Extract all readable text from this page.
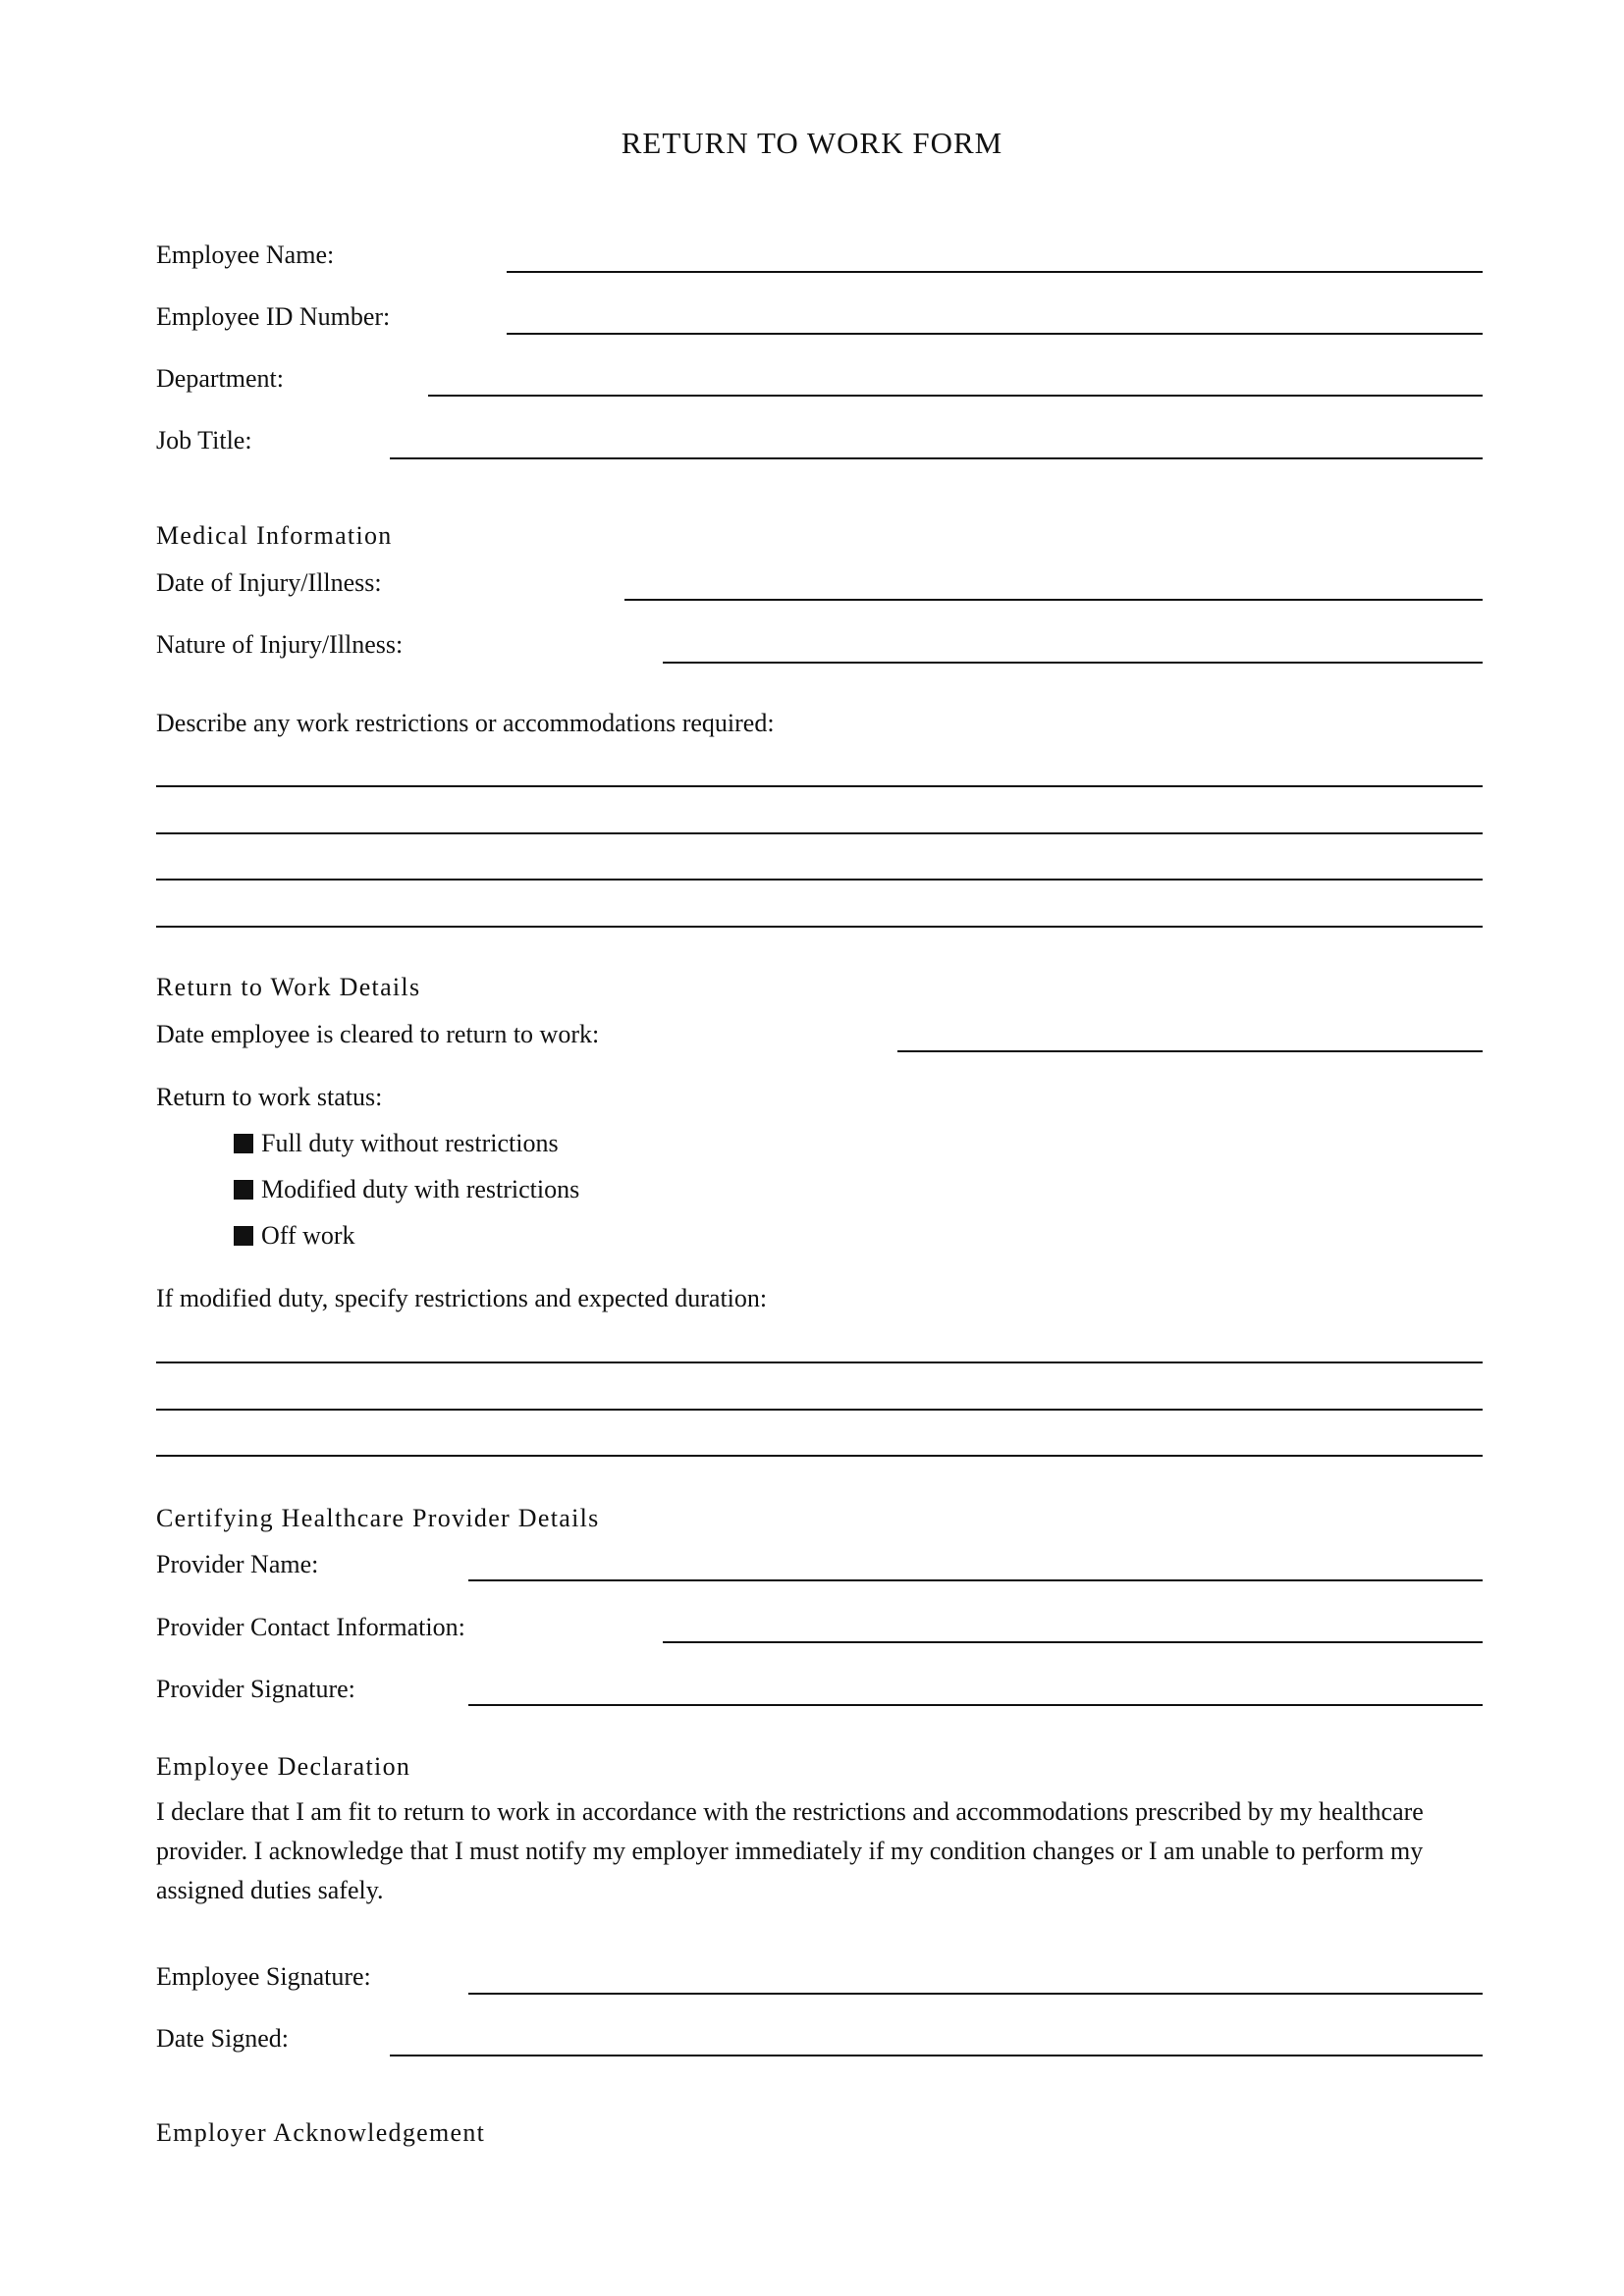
RETURN TO WORK FORM
Employee Name:
Employee ID Number:
Department:
Job Title:
Medical Information
Date of Injury/Illness:
Nature of Injury/Illness:
Describe any work restrictions or accommodations required:
Return to Work Details
Date employee is cleared to return to work:
Return to work status:
Full duty without restrictions
Modified duty with restrictions
Off work
If modified duty, specify restrictions and expected duration:
Certifying Healthcare Provider Details
Provider Name:
Provider Contact Information:
Provider Signature:
Employee Declaration
I declare that I am fit to return to work in accordance with the restrictions and accommodations prescribed by my healthcare provider. I acknowledge that I must notify my employer immediately if my condition changes or I am unable to perform my assigned duties safely.
Employee Signature:
Date Signed:
Employer Acknowledgement
